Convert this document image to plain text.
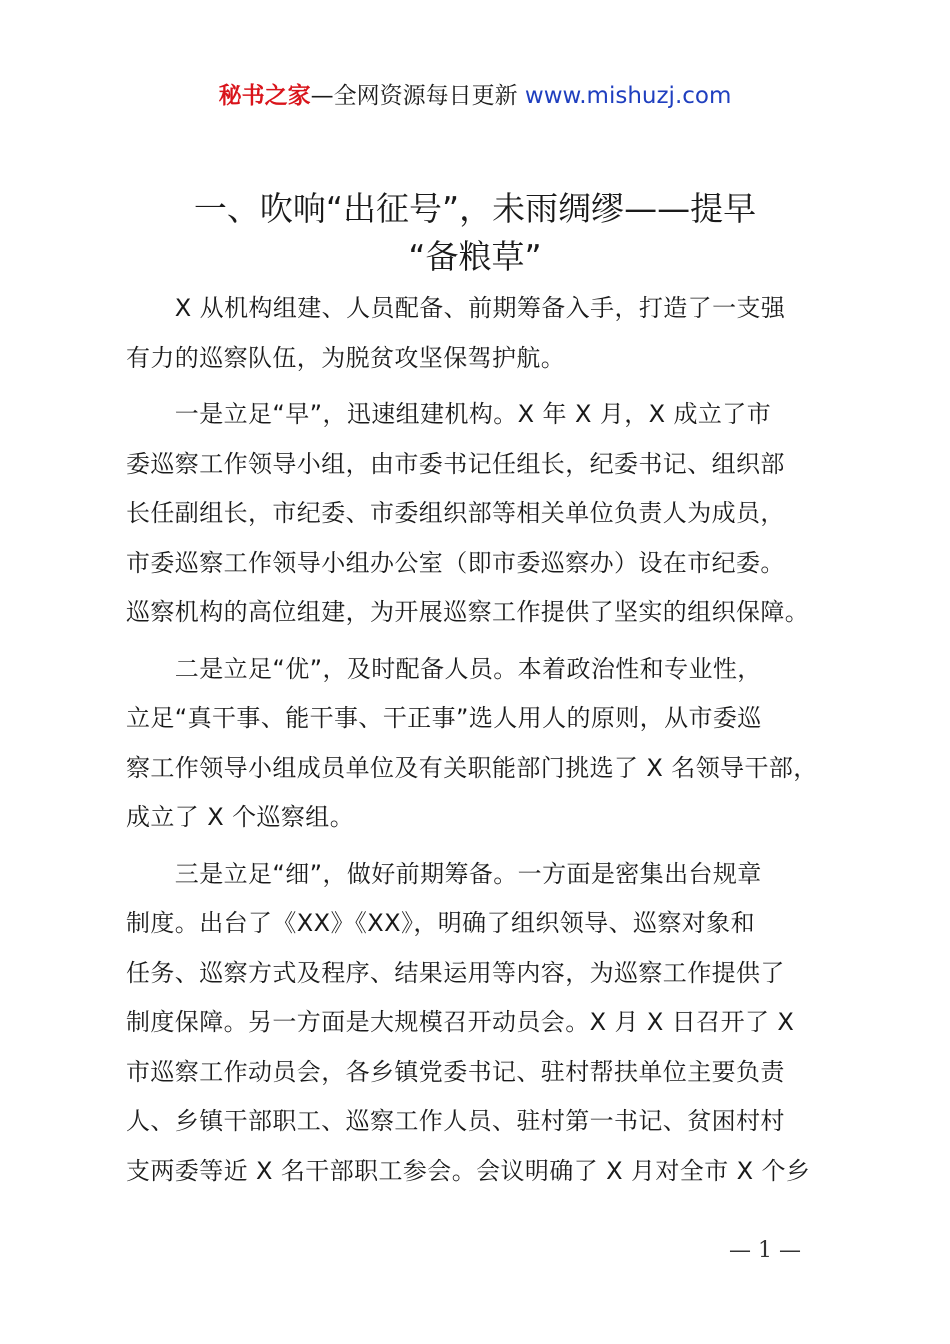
秘书之家—全网资源每日更新 www.mishuzj.com
一、吹响“出征号”，未雨绸缪——提早
“备粮草”

　　X 从机构组建、人员配备、前期筹备入手，打造了一支强
有力的巡察队伍，为脱贫攻坚保驾护航。

　　一是立足“早”，迅速组建机构。X 年 X 月，X 成立了市
委巡察工作领导小组，由市委书记任组长，纪委书记、组织部
长任副组长，市纪委、市委组织部等相关单位负责人为成员，
市委巡察工作领导小组办公室（即市委巡察办）设在市纪委。
巡察机构的高位组建，为开展巡察工作提供了坚实的组织保障。

　　二是立足“优”，及时配备人员。本着政治性和专业性，
立足“真干事、能干事、干正事”选人用人的原则，从市委巡
察工作领导小组成员单位及有关职能部门挑选了 X 名领导干部，
成立了 X 个巡察组。

　　三是立足“细”，做好前期筹备。一方面是密集出台规章
制度。出台了《XX》《XX》，明确了组织领导、巡察对象和
任务、巡察方式及程序、结果运用等内容，为巡察工作提供了
制度保障。另一方面是大规模召开动员会。X 月 X 日召开了 X
市巡察工作动员会，各乡镇党委书记、驻村帮扶单位主要负责
人、乡镇干部职工、巡察工作人员、驻村第一书记、贫困村村
支两委等近 X 名干部职工参会。会议明确了 X 月对全市 X 个乡

— 1 —
